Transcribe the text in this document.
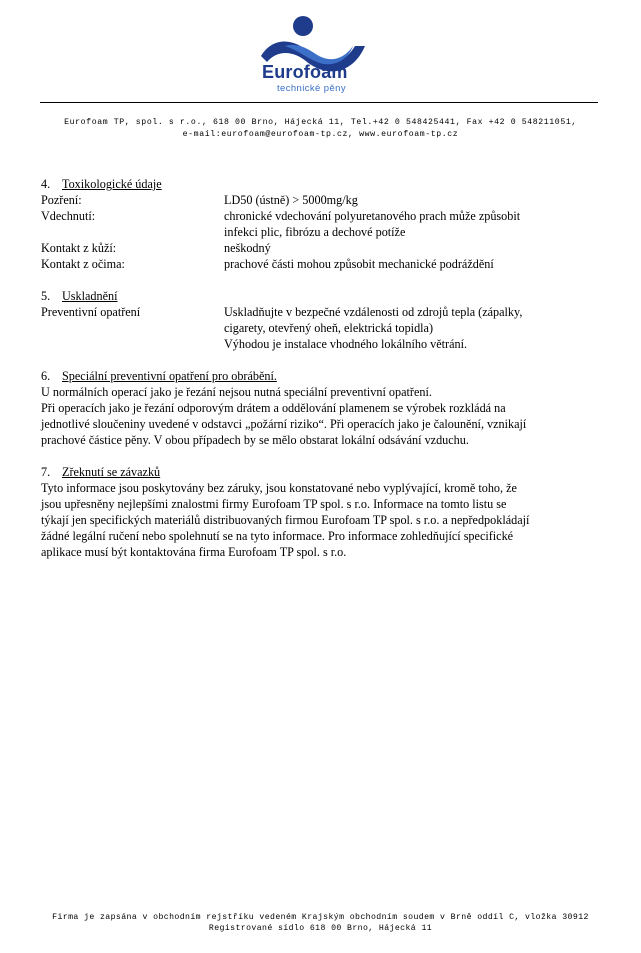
Eurofoam
technické pěny
Eurofoam TP, spol. s r.o., 618 00 Brno, Hájecká 11, Tel.+42 0 548425441, Fax +42 0 548211051,
e-mail:eurofoam@eurofoam-tp.cz, www.eurofoam-tp.cz
4. Toxikologické údaje
Pozření:	LD50 (ústně) > 5000mg/kg
Vdechnutí:	chronické vdechování polyuretanového prach může způsobit
infekci plic, fibrózu a dechové potíže
Kontakt z kůží:	neškodný
Kontakt z očima:	prachové části mohou způsobit mechanické podráždění
5. Uskladnění
Preventivní opatření	Uskladňujte v bezpečné vzdálenosti od zdrojů tepla (zápalky,
cigarety, otevřený oheň, elektrická topidla)
Výhodou je instalace vhodného lokálního větrání.
6. Speciální preventivní opatření pro obrábění.

U normálních operací jako je řezání nejsou nutná speciální preventivní opatření.

Při operacích jako je řezání odporovým drátem a oddělování plamenem se výrobek rozkládá na

jednotlivé sloučeniny uvedené v odstavci „požární riziko“. Při operacích jako je čalounění, vznikají

prachové částice pěny. V obou případech by se mělo obstarat lokální odsávání vzduchu.

7. Zřeknutí se závazků

Tyto informace jsou poskytovány bez záruky, jsou konstatované nebo vyplývající, kromě toho, že

jsou upřesněny nejlepšími znalostmi firmy Eurofoam TP spol. s r.o. Informace na tomto listu se

týkají jen specifických materiálů distribuovaných firmou Eurofoam TP spol. s r.o. a nepředpokládají

žádné legální ručení nebo spolehnutí se na tyto informace. Pro informace zohledňující specifické

aplikace musí být kontaktována firma Eurofoam TP spol. s r.o.

Firma je zapsána v obchodním rejstříku vedeném Krajským obchodním soudem v Brně oddíl C, vložka 30912
Registrované sídlo 618 00 Brno, Hájecká 11
